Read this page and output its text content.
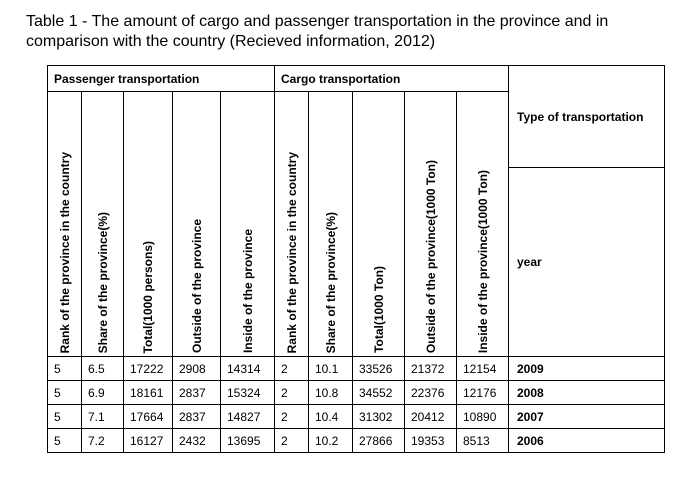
Table 1 - The amount of cargo and passenger transportation in the province and in comparison with the country (Recieved information, 2012)

Passenger transportation					Cargo transportation					Type of transportation
Rank of the province in the country	Share of the province(%)	Total(1000 persons)	Outside of the province	Inside of the province	Rank of the province in the country	Share of the province(%)	Total(1000 Ton)	Outside of the province(1000 Ton)	Inside of the province(1000 Ton)	
										year
5	6.5	17222	2908	14314	2	10.1	33526	21372	12154	2009
5	6.9	18161	2837	15324	2	10.8	34552	22376	12176	2008
5	7.1	17664	2837	14827	2	10.4	31302	20412	10890	2007
5	7.2	16127	2432	13695	2	10.2	27866	19353	8513	2006
